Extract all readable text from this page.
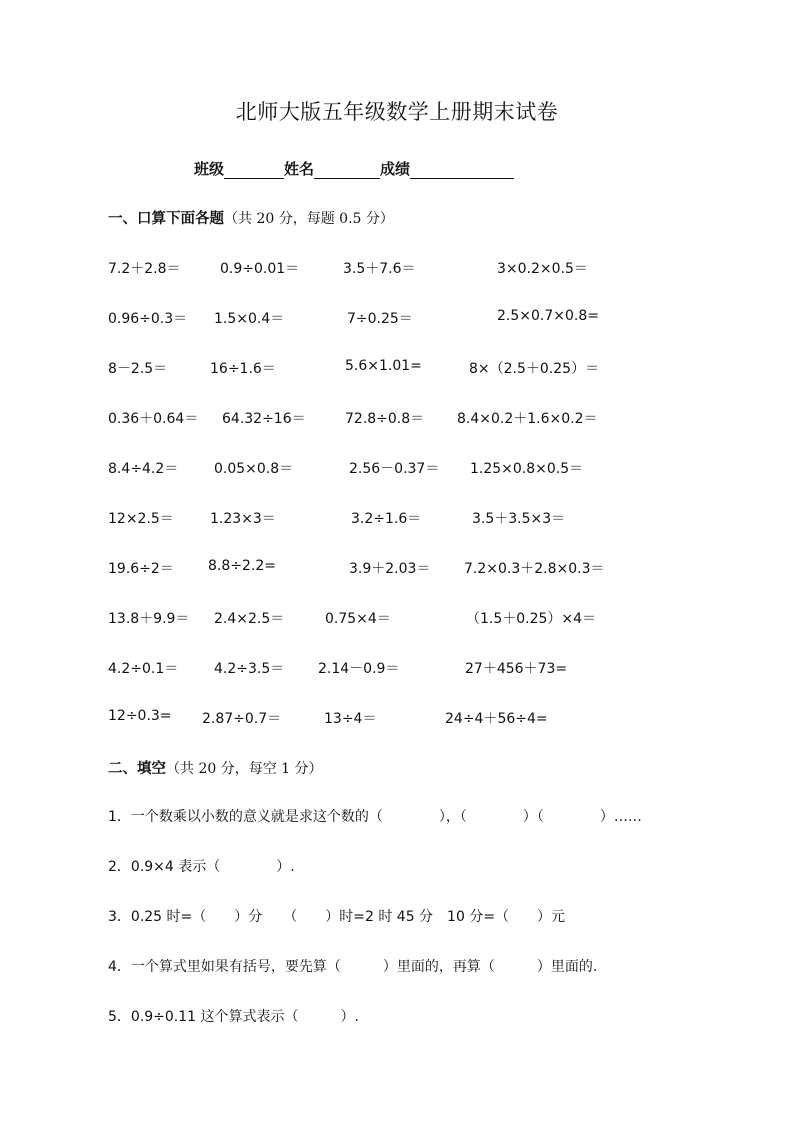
北师大版五年级数学上册期末试卷
班级	姓名	成绩
一、口算下面各题（共 20 分，每题 0.5 分）
7.2＋2.8＝	0.9÷0.01＝	3.5＋7.6＝	3×0.2×0.5＝
0.96÷0.3＝ 1.5×0.4＝	7÷0.25＝	2.5×0.7×0.8=
8－2.5＝	16÷1.6＝	5.6×1.01=	8×（2.5＋0.25）＝
0.36＋0.64＝ 64.32÷16＝	72.8÷0.8＝ 8.4×0.2＋1.6×0.2＝
8.4÷4.2＝	0.05×0.8＝	2.56－0.37＝ 1.25×0.8×0.5＝
12×2.5＝	1.23×3＝	3.2÷1.6＝	3.5＋3.5×3＝
19.6÷2＝ 8.8÷2.2=	3.9＋2.03＝ 7.2×0.3＋2.8×0.3＝
13.8＋9.9＝ 2.4×2.5＝	0.75×4＝	（1.5＋0.25）×4＝
4.2÷0.1＝	4.2÷3.5＝ 2.14－0.9＝	27＋456＋73=
12÷0.3= 2.87÷0.7＝	13÷4＝	24÷4＋56÷4=
二、填空（共 20 分，每空 1 分）
1．一个数乘以小数的意义就是求这个数的（　　　　），（　　　　）（　　　　）……
2．0.9×4 表示（　　　　）.
3．0.25 时=（　　）分　　（　　）时=2 时 45 分　10 分=（　　）元
4．一个算式里如果有括号，要先算（　　　）里面的，再算（　　　）里面的.
5．0.9÷0.11 这个算式表示（　　　）.
